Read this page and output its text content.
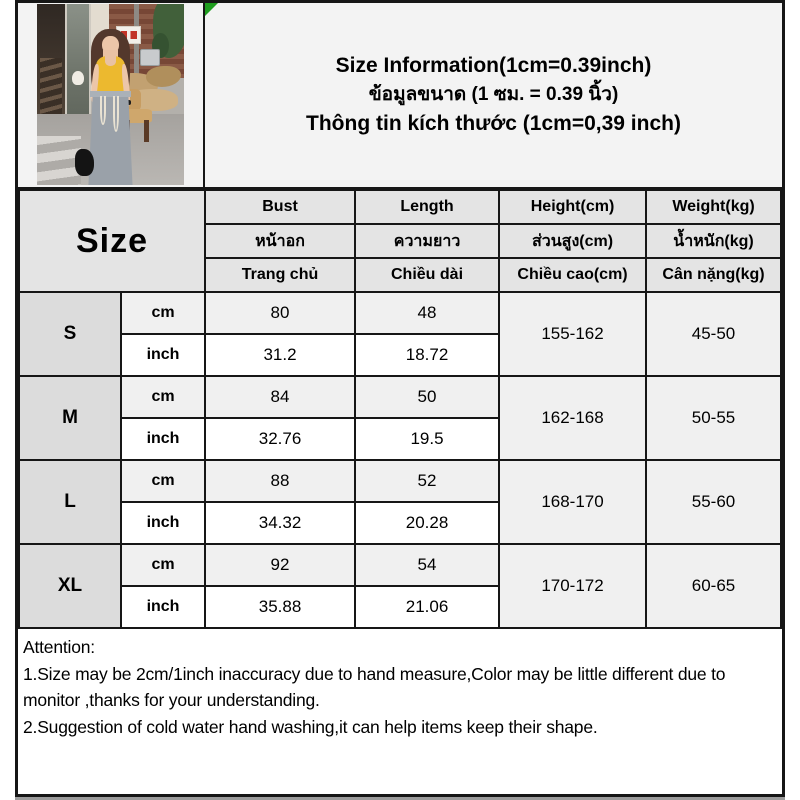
Size Information(1cm=0.39inch)
ข้อมูลขนาด (1 ซม. = 0.39 นิ้ว)
Thông tin kích thước (1cm=0,39 inch)
Size		Bust	Length	Height(cm)	Weight(kg)
		หน้าอก	ความยาว	ส่วนสูง(cm)	น้ำหนัก(kg)
		Trang chủ	Chiều dài	Chiều cao(cm)	Cân nặng(kg)
S	cm	80	48	155-162	45-50
	inch	31.2	18.72		
M	cm	84	50	162-168	50-55
	inch	32.76	19.5		
L	cm	88	52	168-170	55-60
	inch	34.32	20.28		
XL	cm	92	54	170-172	60-65
	inch	35.88	21.06		
Attention:
1.Size may be 2cm/1inch inaccuracy due to hand measure,Color may be little different due to monitor ,thanks for your understanding.
2.Suggestion of cold water hand washing,it can help items keep their shape.
